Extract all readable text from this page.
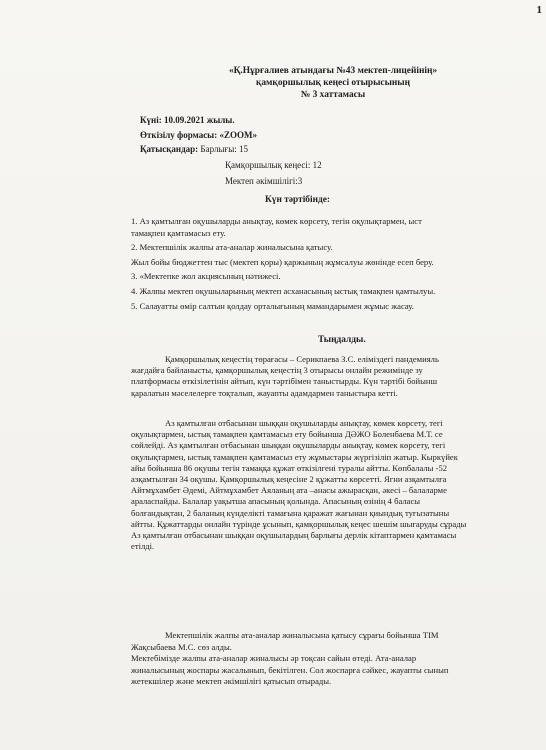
1
«Қ.Нұрғалиев атындағы №43 мектеп-лицейінің»
қамқоршылық кеңесі отырысының
№ 3 хаттамасы
Күні: 10.09.2021 жылы.
Өткізілу формасы: «ZOOM»
Қатысқандар: Барлығы: 15
Қамқоршылық кеңесі: 12
Мектеп әкімшілігі:3
Күн тәртібінде:
1. Аз қамтылған оқушыларды анықтау, көмек көрсету, тегін оқулықтармен, ыст
тамақпен қамтамасыз ету.
2. Мектепшілік жалпы ата-аналар жиналысына қатысу.
Жыл бойы бюджеттен тыс (мектеп қоры) қаржының жұмсалуы жөнінде есеп беру.
3. «Мектепке жол акциясының нәтижесі.
4. Жалпы мектеп оқушыларының мектеп асханасының ыстық тамақпен қамтылуы.
5. Салауатты өмір салтын қолдау орталығының мамандарымен жұмыс жасау.
Тыңдалды.
Қамқоршылық кеңестің төрағасы – Серикпаева З.С. еліміздегі пандемияль
жағдайға байланысты, қамқоршылық кеңестің 3 отырысы онлайн режимінде зу
платформасы өткізілетінін айтып, күн тәртібімен таныстырды. Күн тәртібі бойынш
қаралатын мәселелерге тоқталып, жауапты адамдармен таныстыра кетті.
Аз қамтылған отбасынан шыққан оқушыларды анықтау, көмек көрсету, тегі
оқулықтармен, ыстық тамақпен қамтамасыз ету бойынша ДӘЖО Боленбаева М.Т. се
сөйлейді. Аз қамтылған отбасынан шыққан оқушыларды анықтау, көмек көрсету, тегі
оқулықтармен, ыстық тамақпен қамтамасыз ету жұмыстары жүргізіліп жатыр. Кыркүйек
айы бойынша 86 оқушы тегін тамаққа құжат өткізілгені туралы айтты. Көпбалалы -52
азқамтылған 34 оқушы. Қамқоршылық кеңесіне 2 құжатты көрсетті. Ягни азқамтылға
Айтмұхамбет Әдемі, Айтмұхамбет Аяланың ата –анасы ажырасқан, әкесі – балаларме
араласпайды. Балалар уақытша апасының қолында. Апасының өзінің 4 баласы
болғандықтан, 2 баланың күнделікті тамағына қаражат жағынан қиындық туғызатыны
айтты. Құжаттарды онлайн түрінде ұсынып, қамқоршылық кеңес шешім шығаруды сұрады
Аз қамтылған отбасынан шыққан оқушылардың барлығы дерлік кітаптармен қамтамасы
етілді.
Мектепшілік жалпы ата-аналар жиналысына қатысу сұрағы бойынша ТІМ
Жақсыбаева М.С. сөз алды.
Мектебімізде жалпы ата-аналар жиналысы әр тоқсан сайын өтеді. Ата-аналар
жиналысының жоспары жасалынып, бекітілген. Сол жоспарға сәйкес, жауапты сынып
жетекшілер және мектеп әкімшілігі қатысып отырады.
